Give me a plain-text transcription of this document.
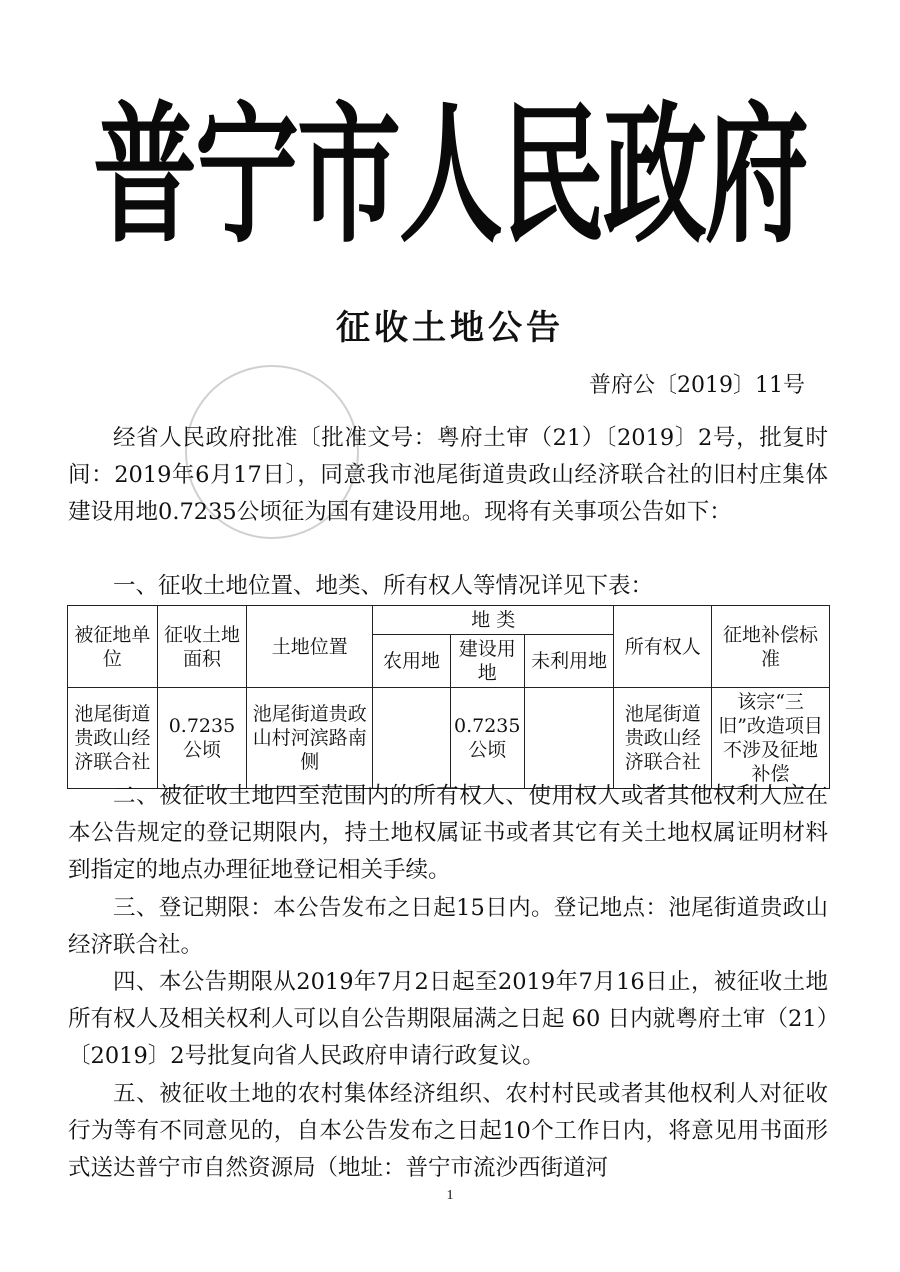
普宁市人民政府
征收土地公告
普府公〔2019〕11号
经省人民政府批准〔批准文号：粤府土审（21）〔2019〕2号，批复时间：2019年6月17日〕，同意我市池尾街道贵政山经济联合社的旧村庄集体建设用地0.7235公顷征为国有建设用地。现将有关事项公告如下：
一、征收土地位置、地类、所有权人等情况详见下表：
被征地单位	征收土地面积	土地位置	地 类			所有权人	征地补偿标准
			农用地	建设用地	未利用地		
池尾街道贵政山经济联合社	0.7235公顷	池尾街道贵政山村河滨路南侧		0.7235公顷		池尾街道贵政山经济联合社	该宗“三旧”改造项目不涉及征地补偿
二、被征收土地四至范围内的所有权人、使用权人或者其他权利人应在本公告规定的登记期限内，持土地权属证书或者其它有关土地权属证明材料到指定的地点办理征地登记相关手续。
三、登记期限：本公告发布之日起15日内。登记地点：池尾街道贵政山经济联合社。
四、本公告期限从2019年7月2日起至2019年7月16日止，被征收土地所有权人及相关权利人可以自公告期限届满之日起 60 日内就粤府土审（21）〔2019〕2号批复向省人民政府申请行政复议。
五、被征收土地的农村集体经济组织、农村村民或者其他权利人对征收行为等有不同意见的，自本公告发布之日起10个工作日内，将意见用书面形式送达普宁市自然资源局（地址：普宁市流沙西街道河
1
